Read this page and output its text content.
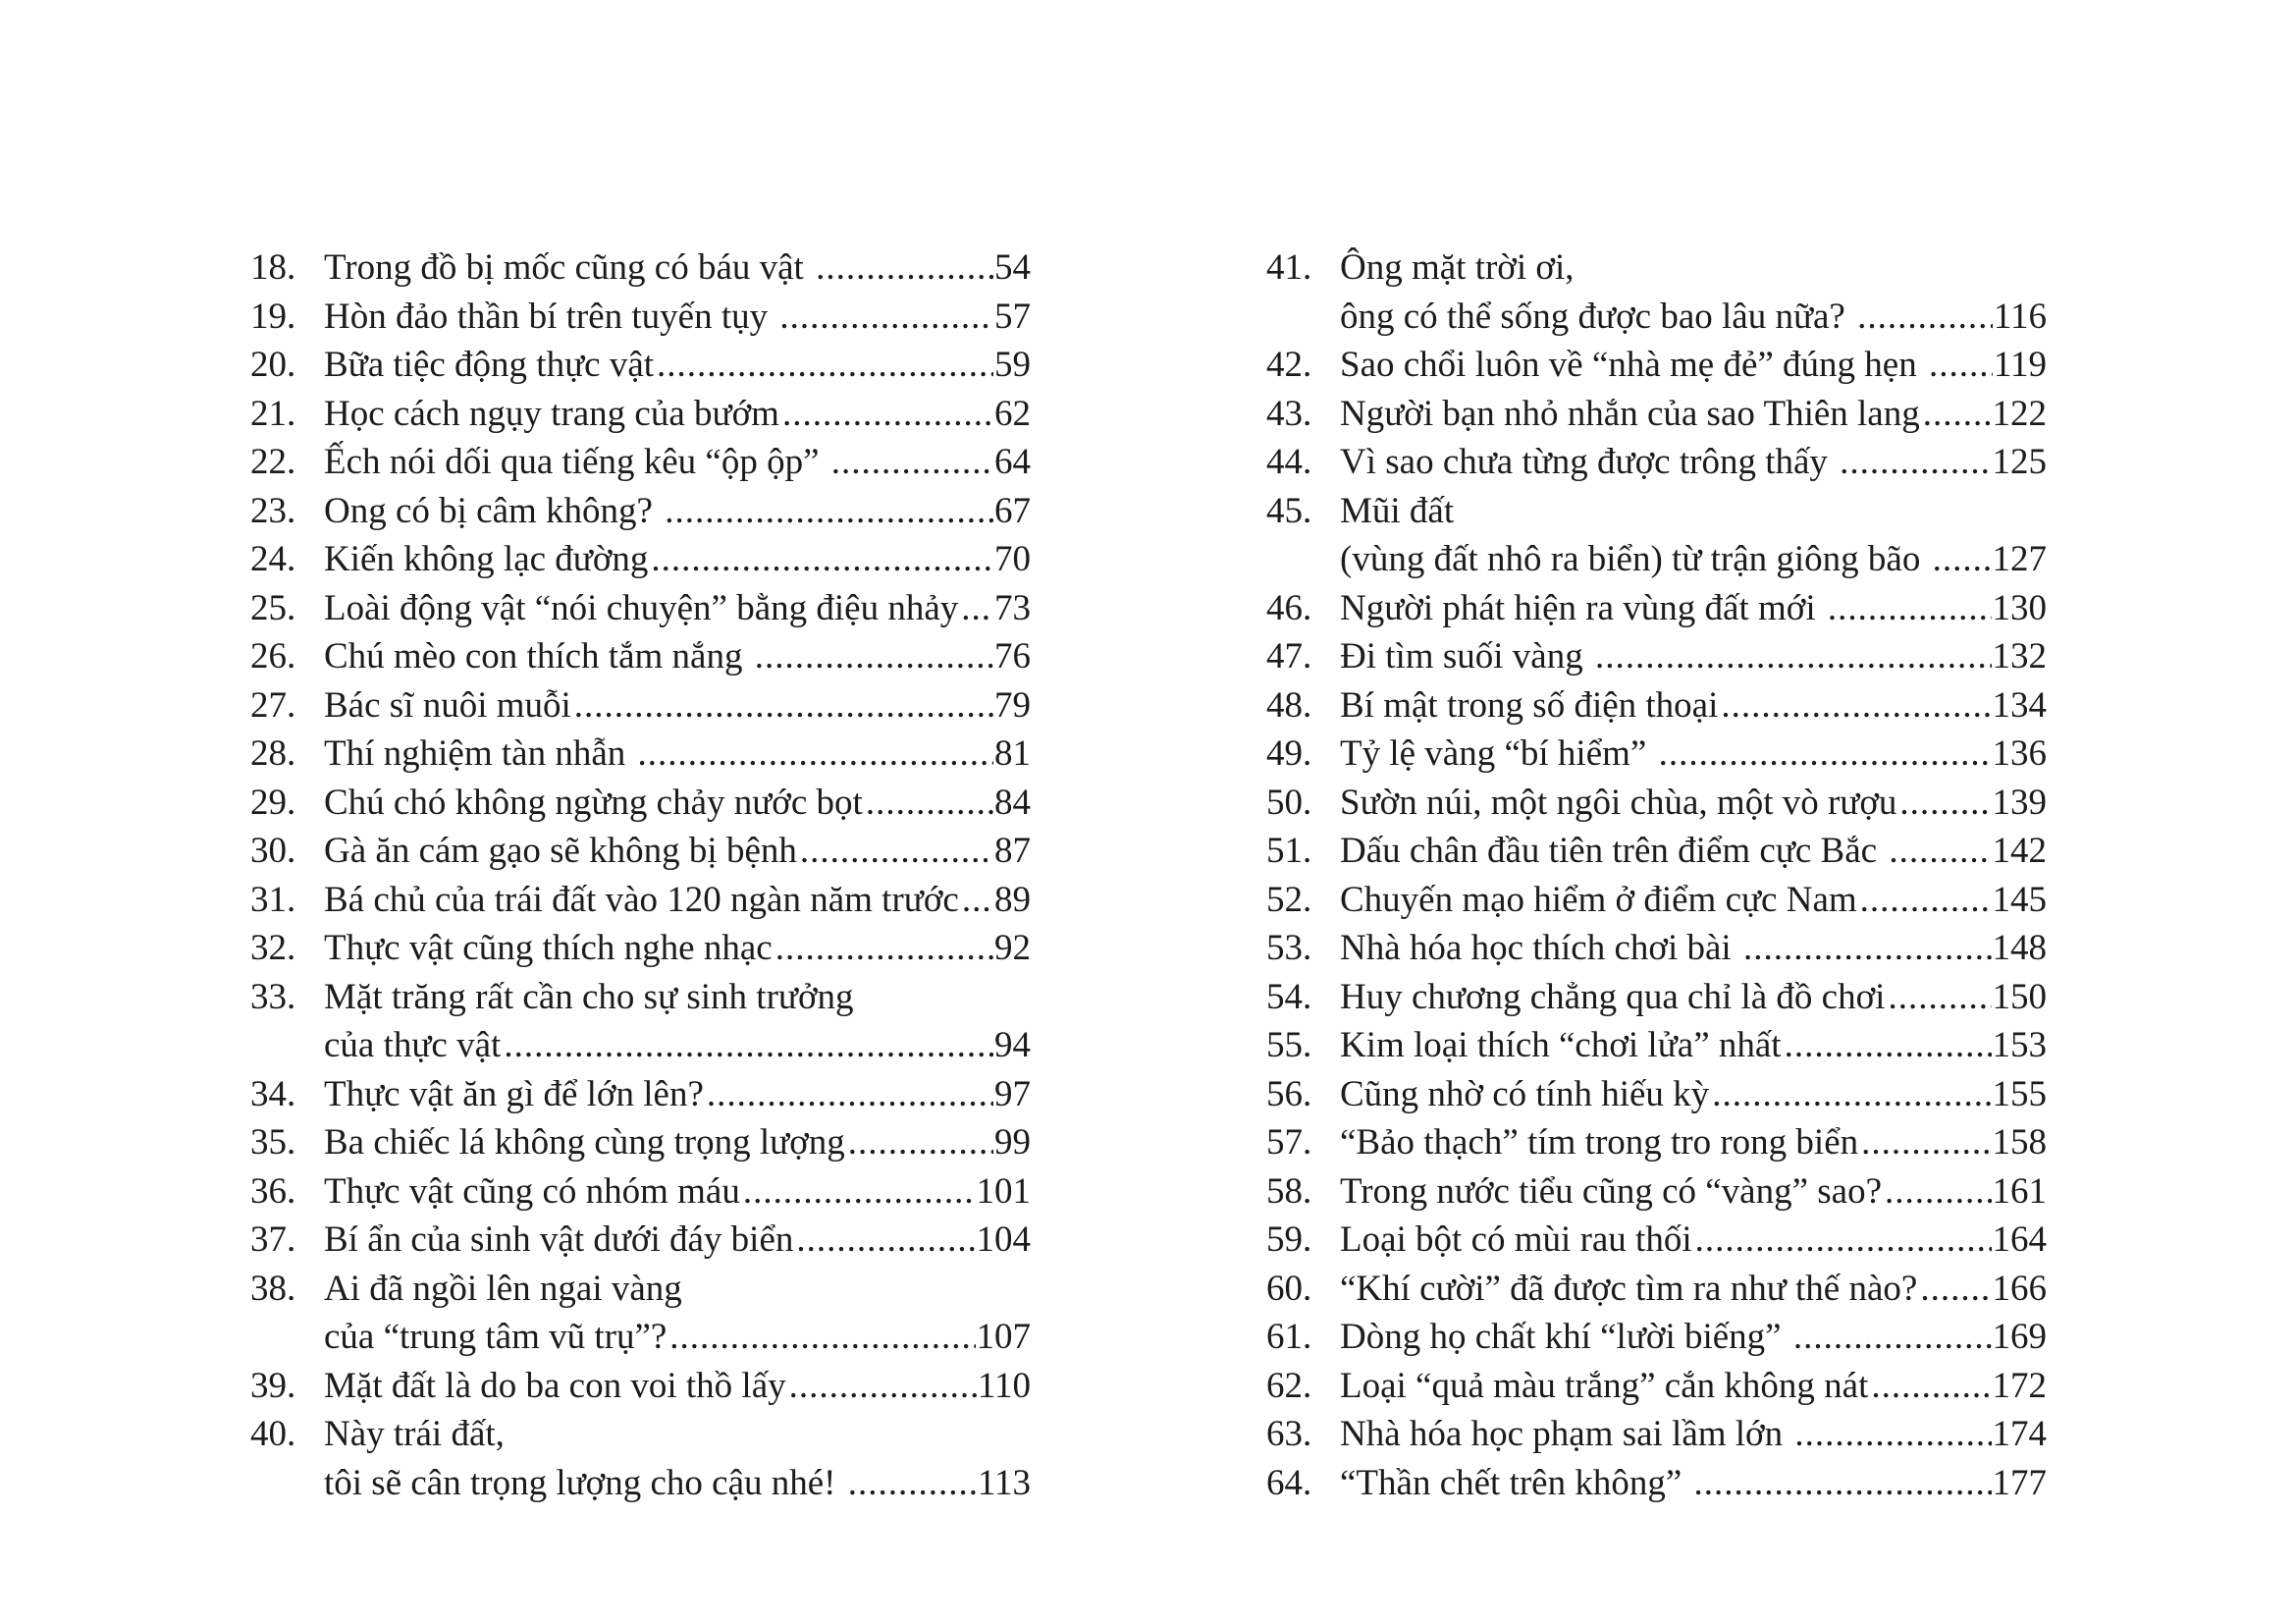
18. Trong đồ bị mốc cũng có báu vật .....	54
19. Hòn đảo thần bí trên tuyến tụy .....	57
20. Bữa tiệc động thực vật .....	59
21. Học cách ngụy trang của bướm .....	62
22. Ếch nói dối qua tiếng kêu “ộp ộp” .....	64
23. Ong có bị câm không? .....	67
24. Kiến không lạc đường .....	70
25. Loài động vật “nói chuyện” bằng điệu nhảy ..... 73
26. Chú mèo con thích tắm nắng .....	76
27. Bác sĩ nuôi muỗi .....	79
28. Thí nghiệm tàn nhẫn .....	81
29. Chú chó không ngừng chảy nước bọt .....	84
30. Gà ăn cám gạo sẽ không bị bệnh .....	87
31. Bá chủ của trái đất vào 120 ngàn năm trước ..... 89
32. Thực vật cũng thích nghe nhạc .....	92
33. Mặt trăng rất cần cho sự sinh trưởng
của thực vật .....	94
34. Thực vật ăn gì để lớn lên? .....	97
35. Ba chiếc lá không cùng trọng lượng .....	99
36. Thực vật cũng có nhóm máu .....	101
37. Bí ẩn của sinh vật dưới đáy biển .....	104
38. Ai đã ngồi lên ngai vàng
của “trung tâm vũ trụ”? .....	107
39. Mặt đất là do ba con voi thồ lấy .....	110
40. Này trái đất,
tôi sẽ cân trọng lượng cho cậu nhé! .....	113
41. Ông mặt trời ơi,
ông có thể sống được bao lâu nữa? .....	116
42. Sao chổi luôn về “nhà mẹ đẻ” đúng hẹn ..... 119
43. Người bạn nhỏ nhắn của sao Thiên lang ..... 122
44. Vì sao chưa từng được trông thấy .....	125
45. Mũi đất
(vùng đất nhô ra biển) từ trận giông bão ..... 127
46. Người phát hiện ra vùng đất mới .....	130
47. Đi tìm suối vàng .....	132
48. Bí mật trong số điện thoại .....	134
49. Tỷ lệ vàng “bí hiểm” .....	136
50. Sườn núi, một ngôi chùa, một vò rượu .....	139
51. Dấu chân đầu tiên trên điểm cực Bắc .....	142
52. Chuyến mạo hiểm ở điểm cực Nam .....	145
53. Nhà hóa học thích chơi bài .....	148
54. Huy chương chẳng qua chỉ là đồ chơi .....	150
55. Kim loại thích “chơi lửa” nhất .....	153
56. Cũng nhờ có tính hiếu kỳ .....	155
57. “Bảo thạch” tím trong tro rong biển .....	158
58. Trong nước tiểu cũng có “vàng” sao? .....	161
59. Loại bột có mùi rau thối .....	164
60. “Khí cười” đã được tìm ra như thế nào? ..... 166
61. Dòng họ chất khí “lười biếng” .....	169
62. Loại “quả màu trắng” cắn không nát .....	172
63. Nhà hóa học phạm sai lầm lớn .....	174
64. “Thần chết trên không” .....	177
